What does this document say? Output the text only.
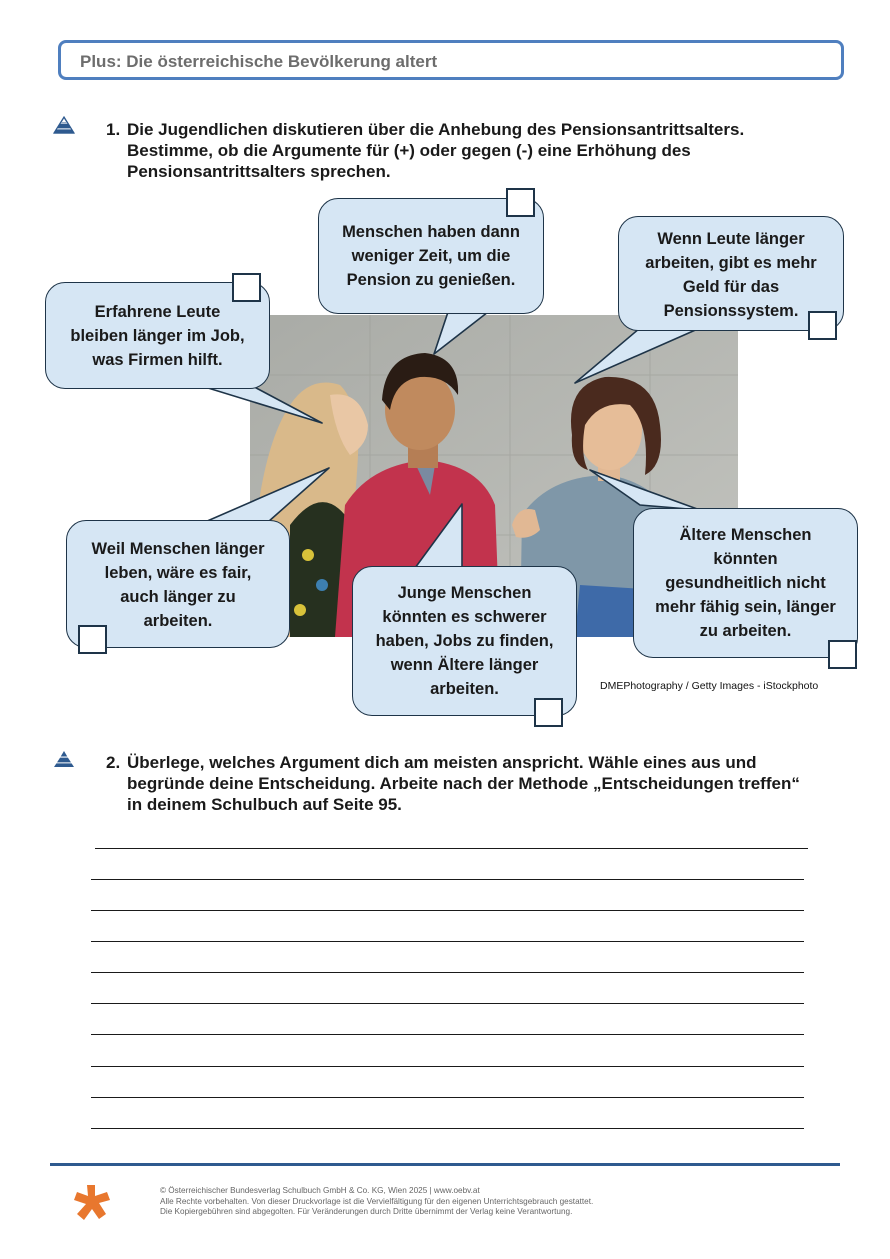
Plus: Die österreichische Bevölkerung altert
1. Die Jugendlichen diskutieren über die Anhebung des Pensionsantrittsalters. Bestimme, ob die Argumente für (+) oder gegen (-) eine Erhöhung des Pensionsantrittsalters sprechen.
Menschen haben dann
weniger Zeit, um die
Pension zu genießen.
Erfahrene Leute
bleiben länger im Job,
was Firmen hilft.
Wenn Leute länger
arbeiten, gibt es mehr
Geld für das
Pensionssystem.
Weil Menschen länger
leben, wäre es fair,
auch länger zu
arbeiten.
Junge Menschen
könnten es schwerer
haben, Jobs zu finden,
wenn Ältere länger
arbeiten.
Ältere Menschen
könnten
gesundheitlich nicht
mehr fähig sein, länger
zu arbeiten.
DMEPhotography / Getty Images - iStockphoto
2. Überlege, welches Argument dich am meisten anspricht. Wähle eines aus und begründe deine Entscheidung. Arbeite nach der Methode „Entscheidungen treffen“ in deinem Schulbuch auf Seite 95.
© Österreichischer Bundesverlag Schulbuch GmbH & Co. KG, Wien 2025 | www.oebv.at
Alle Rechte vorbehalten. Von dieser Druckvorlage ist die Vervielfältigung für den eigenen Unterrichtsgebrauch gestattet.
Die Kopiergebühren sind abgegolten. Für Veränderungen durch Dritte übernimmt der Verlag keine Verantwortung.
